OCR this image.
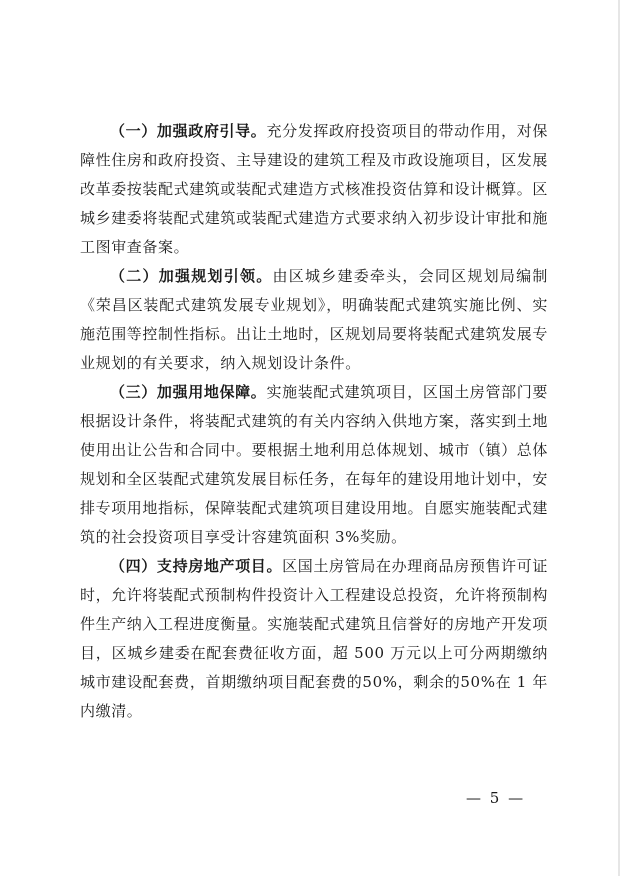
（一）加强政府引导。充分发挥政府投资项目的带动作用，对保障性住房和政府投资、主导建设的建筑工程及市政设施项目，区发展改革委按装配式建筑或装配式建造方式核准投资估算和设计概算。区城乡建委将装配式建筑或装配式建造方式要求纳入初步设计审批和施工图审查备案。

（二）加强规划引领。由区城乡建委牵头，会同区规划局编制《荣昌区装配式建筑发展专业规划》，明确装配式建筑实施比例、实施范围等控制性指标。出让土地时，区规划局要将装配式建筑发展专业规划的有关要求，纳入规划设计条件。

（三）加强用地保障。实施装配式建筑项目，区国土房管部门要根据设计条件，将装配式建筑的有关内容纳入供地方案，落实到土地使用出让公告和合同中。要根据土地利用总体规划、城市（镇）总体规划和全区装配式建筑发展目标任务，在每年的建设用地计划中，安排专项用地指标，保障装配式建筑项目建设用地。自愿实施装配式建筑的社会投资项目享受计容建筑面积 3%奖励。

（四）支持房地产项目。区国土房管局在办理商品房预售许可证时，允许将装配式预制构件投资计入工程建设总投资，允许将预制构件生产纳入工程进度衡量。实施装配式建筑且信誉好的房地产开发项目，区城乡建委在配套费征收方面，超 500 万元以上可分两期缴纳城市建设配套费，首期缴纳项目配套费的50%，剩余的50%在 1 年内缴清。

— 5 —
